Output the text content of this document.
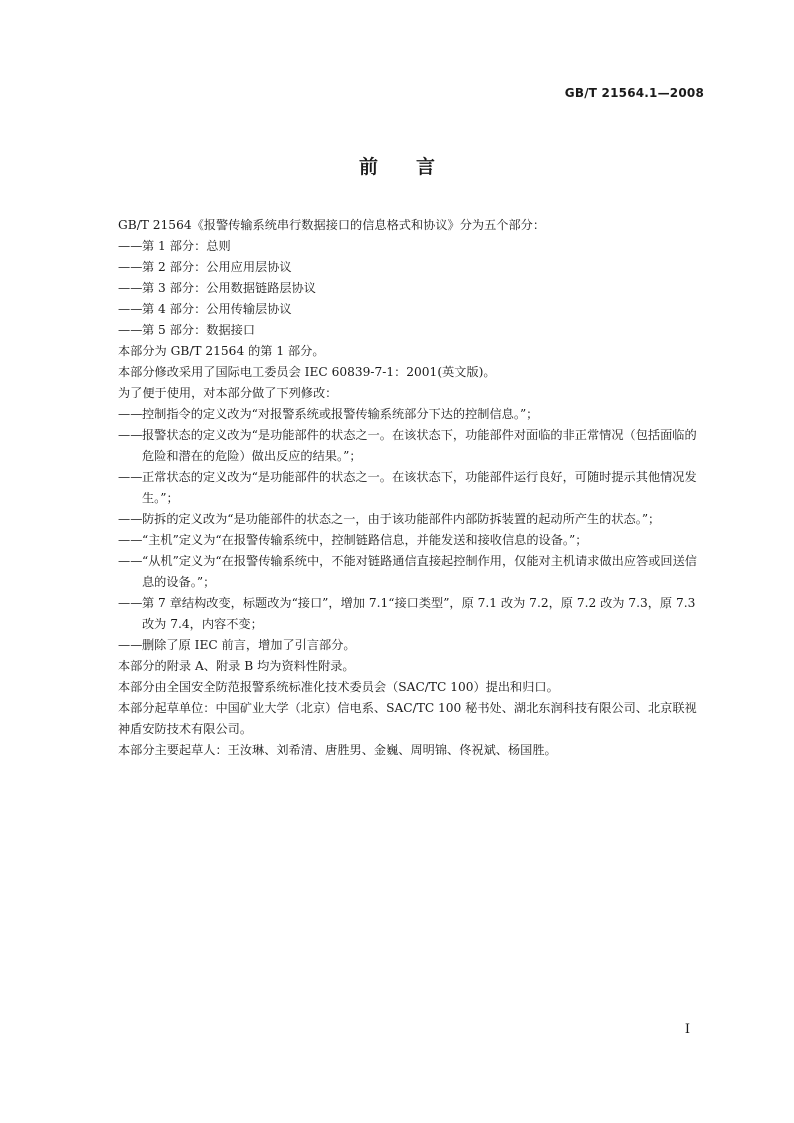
GB/T 21564.1—2008
前言

GB/T 21564《报警传输系统串行数据接口的信息格式和协议》分为五个部分：

—— 第 1 部分：总则
—— 第 2 部分：公用应用层协议
—— 第 3 部分：公用数据链路层协议
—— 第 4 部分：公用传输层协议
—— 第 5 部分：数据接口

本部分为 GB/T 21564 的第 1 部分。

本部分修改采用了国际电工委员会 IEC 60839-7-1：2001(英文版)。

为了便于使用，对本部分做了下列修改：

—— 控制指令的定义改为“对报警系统或报警传输系统部分下达的控制信息。”；
—— 报警状态的定义改为“是功能部件的状态之一。在该状态下，功能部件对面临的非正常情况（包括面临的危险和潜在的危险）做出反应的结果。”；
—— 正常状态的定义改为“是功能部件的状态之一。在该状态下，功能部件运行良好，可随时提示其他情况发生。”；
—— 防拆的定义改为“是功能部件的状态之一，由于该功能部件内部防拆装置的起动所产生的状态。”；
—— “主机”定义为“在报警传输系统中，控制链路信息，并能发送和接收信息的设备。”；
—— “从机”定义为“在报警传输系统中，不能对链路通信直接起控制作用，仅能对主机请求做出应答或回送信息的设备。”；
—— 第 7 章结构改变，标题改为“接口”，增加 7.1“接口类型”，原 7.1 改为 7.2，原 7.2 改为 7.3，原 7.3 改为 7.4，内容不变；
—— 删除了原 IEC 前言，增加了引言部分。

本部分的附录 A、附录 B 均为资料性附录。

本部分由全国安全防范报警系统标准化技术委员会（SAC/TC 100）提出和归口。

本部分起草单位：中国矿业大学（北京）信电系、SAC/TC 100 秘书处、湖北东润科技有限公司、北京联视神盾安防技术有限公司。

本部分主要起草人：王汝琳、刘希清、唐胜男、金巍、周明锦、佟祝斌、杨国胜。

I
